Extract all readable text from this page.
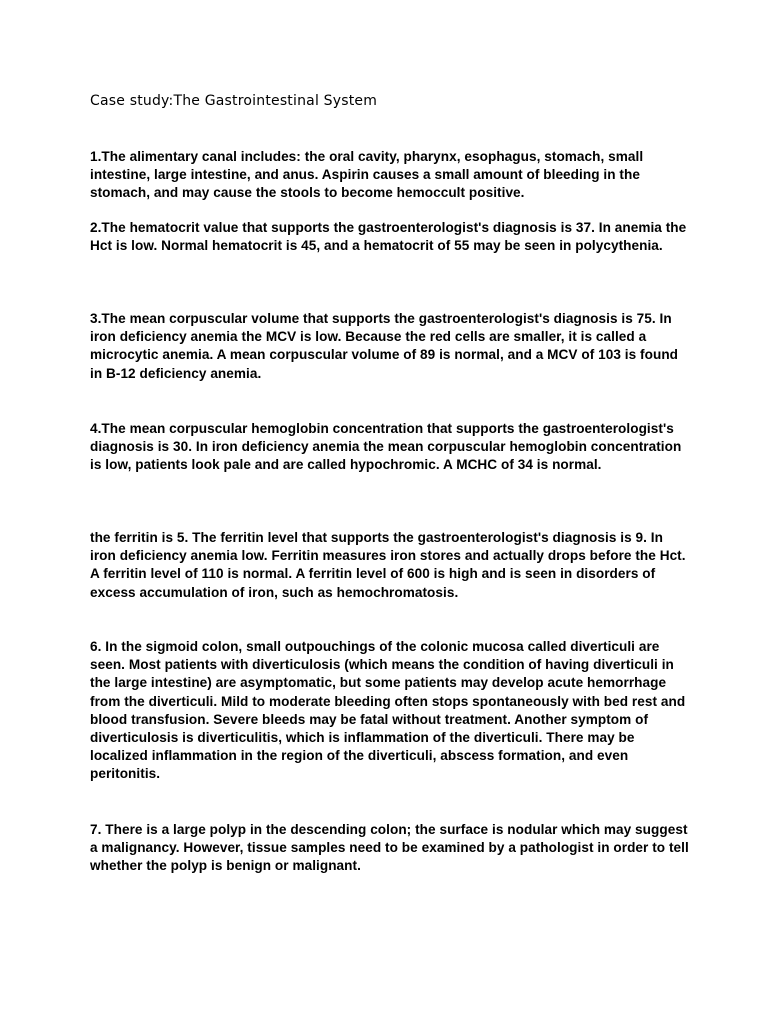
Case study:The Gastrointestinal System

1.The alimentary canal includes: the oral cavity, pharynx, esophagus, stomach, small intestine, large intestine, and anus. Aspirin causes a small amount of bleeding in the stomach, and may cause the stools to become hemoccult positive.

2.The hematocrit value that supports the gastroenterologist's diagnosis is 37. In anemia the Hct is low. Normal hematocrit is 45, and a hematocrit of 55 may be seen in polycythenia.

3.The mean corpuscular volume that supports the gastroenterologist's diagnosis is 75. In iron deficiency anemia the MCV is low. Because the red cells are smaller, it is called a microcytic anemia. A mean corpuscular volume of 89 is normal, and a MCV of 103 is found in B-12 deficiency anemia.

4.The mean corpuscular hemoglobin concentration that supports the gastroenterologist's diagnosis is 30. In iron deficiency anemia the mean corpuscular hemoglobin concentration is low, patients look pale and are called hypochromic. A MCHC of 34 is normal.

the ferritin is 5. The ferritin level that supports the gastroenterologist's diagnosis is 9. In iron deficiency anemia low. Ferritin measures iron stores and actually drops before the Hct. A ferritin level of 110 is normal. A ferritin level of 600 is high and is seen in disorders of excess accumulation of iron, such as hemochromatosis.

6. In the sigmoid colon, small outpouchings of the colonic mucosa called diverticuli are seen. Most patients with diverticulosis (which means the condition of having diverticuli in the large intestine) are asymptomatic, but some patients may develop acute hemorrhage from the diverticuli. Mild to moderate bleeding often stops spontaneously with bed rest and blood transfusion. Severe bleeds may be fatal without treatment. Another symptom of diverticulosis is diverticulitis, which is inflammation of the diverticuli. There may be localized inflammation in the region of the diverticuli, abscess formation, and even peritonitis.

7. There is a large polyp in the descending colon; the surface is nodular which may suggest a malignancy. However, tissue samples need to be examined by a pathologist in order to tell whether the polyp is benign or malignant.
